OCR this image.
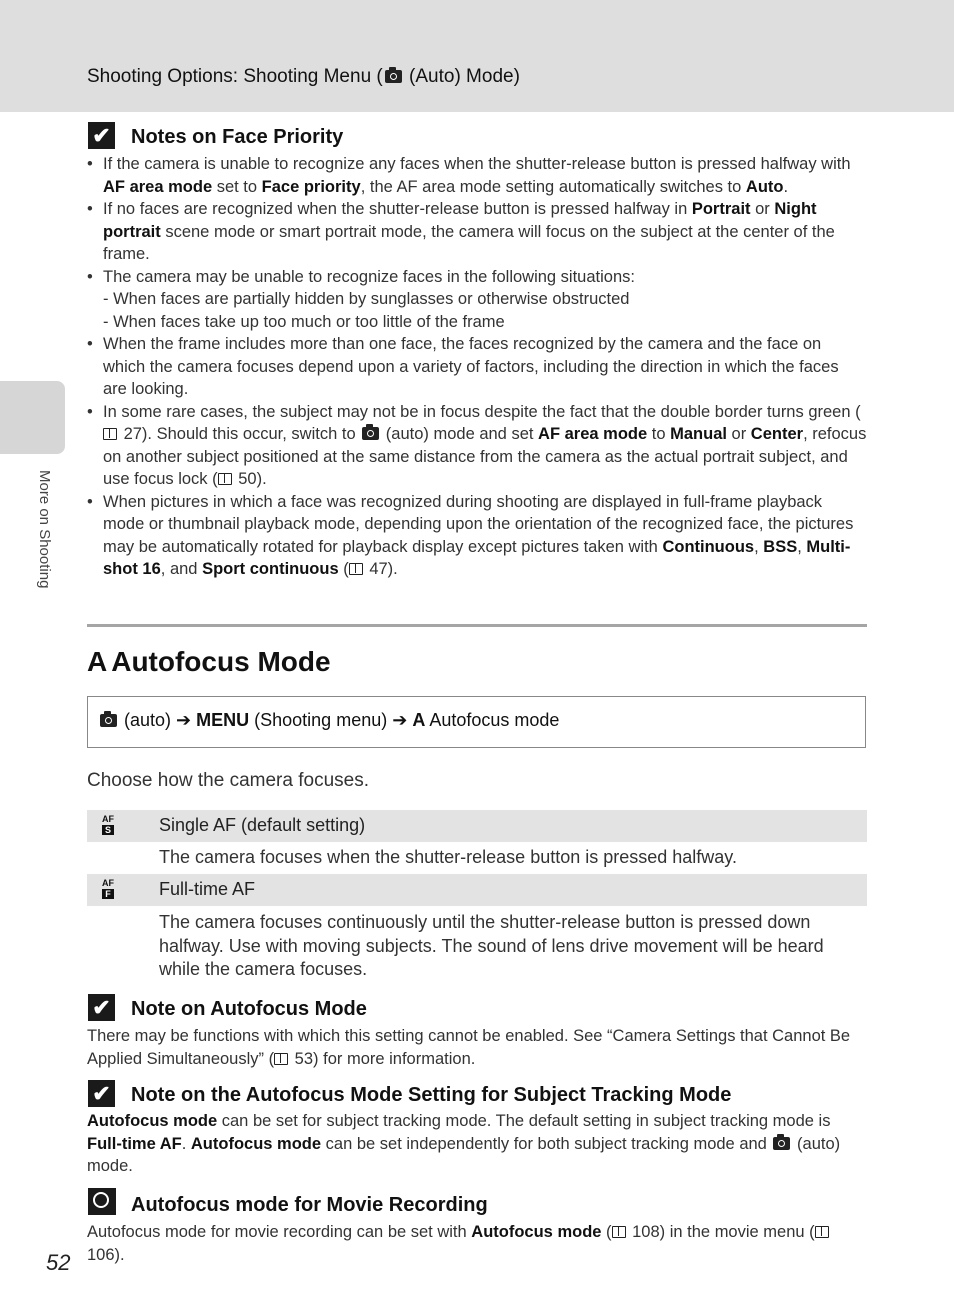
Shooting Options: Shooting Menu ( (Auto) Mode)
More on Shooting
✔ Notes on Face Priority
• If the camera is unable to recognize any faces when the shutter-release button is pressed halfway with AF area mode set to Face priority, the AF area mode setting automatically switches to Auto.
• If no faces are recognized when the shutter-release button is pressed halfway in Portrait or Night portrait scene mode or smart portrait mode, the camera will focus on the subject at the center of the frame.
• The camera may be unable to recognize faces in the following situations:
- When faces are partially hidden by sunglasses or otherwise obstructed
- When faces take up too much or too little of the frame
• When the frame includes more than one face, the faces recognized by the camera and the face on which the camera focuses depend upon a variety of factors, including the direction in which the faces are looking.
• In some rare cases, the subject may not be in focus despite the fact that the double border turns green ( 27). Should this occur, switch to  (auto) mode and set AF area mode to Manual or Center, refocus on another subject positioned at the same distance from the camera as the actual portrait subject, and use focus lock ( 50).
• When pictures in which a face was recognized during shooting are displayed in full-frame playback mode or thumbnail playback mode, depending upon the orientation of the recognized face, the pictures may be automatically rotated for playback display except pictures taken with Continuous, BSS, Multi-shot 16, and Sport continuous ( 47).
A Autofocus Mode
(auto) ➔ MENU (Shooting menu) ➔ A Autofocus mode
Choose how the camera focuses.
AF
S	Single AF (default setting)
The camera focuses when the shutter-release button is pressed halfway.
AF
F	Full-time AF
The camera focuses continuously until the shutter-release button is pressed down halfway. Use with moving subjects. The sound of lens drive movement will be heard while the camera focuses.
✔ Note on Autofocus Mode
There may be functions with which this setting cannot be enabled. See “Camera Settings that Cannot Be Applied Simultaneously” ( 53) for more information.
✔ Note on the Autofocus Mode Setting for Subject Tracking Mode
Autofocus mode can be set for subject tracking mode. The default setting in subject tracking mode is Full-time AF. Autofocus mode can be set independently for both subject tracking mode and  (auto) mode.
Autofocus mode for Movie Recording
Autofocus mode for movie recording can be set with Autofocus mode ( 108) in the movie menu ( 106).
52
